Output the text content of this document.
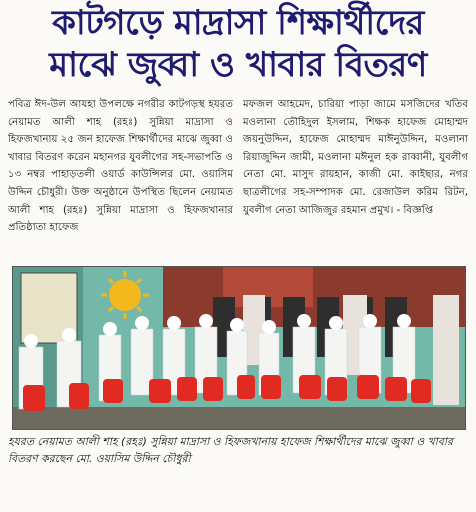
কাটগড়ে মাদ্রাসা শিক্ষার্থীদের
মাঝে জুব্বা ও খাবার বিতরণ
পবিত্র ঈদ-উল আযহা উপলক্ষে নগরীর কাটগড়স্থ হযরত নেয়ামত আলী শাহ (রহঃ) সুন্নিয়া মাদ্রাসা ও হিফজখানায় ২৫ জন হাফেজ শিক্ষার্থীদের মাঝে জুব্বা ও খাবার বিতরণ করেন মহানগর যুবলীগের সহ-সভাপতি ও ১৩ নম্বর পাহাড়তলী ওয়ার্ড কাউন্সিলর মো. ওয়াসিম উদ্দিন চৌধুরী। উক্ত অনুষ্ঠানে উপস্থিত ছিলেন নেয়ামত আলী শাহ (রহঃ) সুন্নিয়া মাদ্রাসা ও হিফজখানার প্রতিষ্ঠাতা হাফেজ
মফজল আহমেদ, চারিয়া পাড়া জামে মসজিদের খতিব মওলানা তৌহিদুল ইসলাম, শিক্ষক হাফেজ মোহাম্মদ জয়নুউদ্দিন, হাফেজ মোহাম্মদ মাঈনুউদ্দিন, মওলানা রিয়াজুদ্দিন জামী, মওলানা মঈনুল হক রাব্বানী, যুবলীগ নেতা মো. মাসুদ রায়হান, কাজী মো. কাইছার, নগর ছাত্রলীগের সহ-সম্পাদক মো. রেজাউল করিম রিটন, যুবলীগ নেতা আজিজুর রহমান প্রমুখ। - বিজ্ঞপ্তি
হযরত নেয়ামত আলী শাহ (রহঃ) সুন্নিয়া মাদ্রাসা ও হিফজখানায় হাফেজ শিক্ষার্থীদের মাঝে জুব্বা ও খাবার বিতরণ করছেন মো. ওয়াসিম উদ্দিন চৌধুরী
